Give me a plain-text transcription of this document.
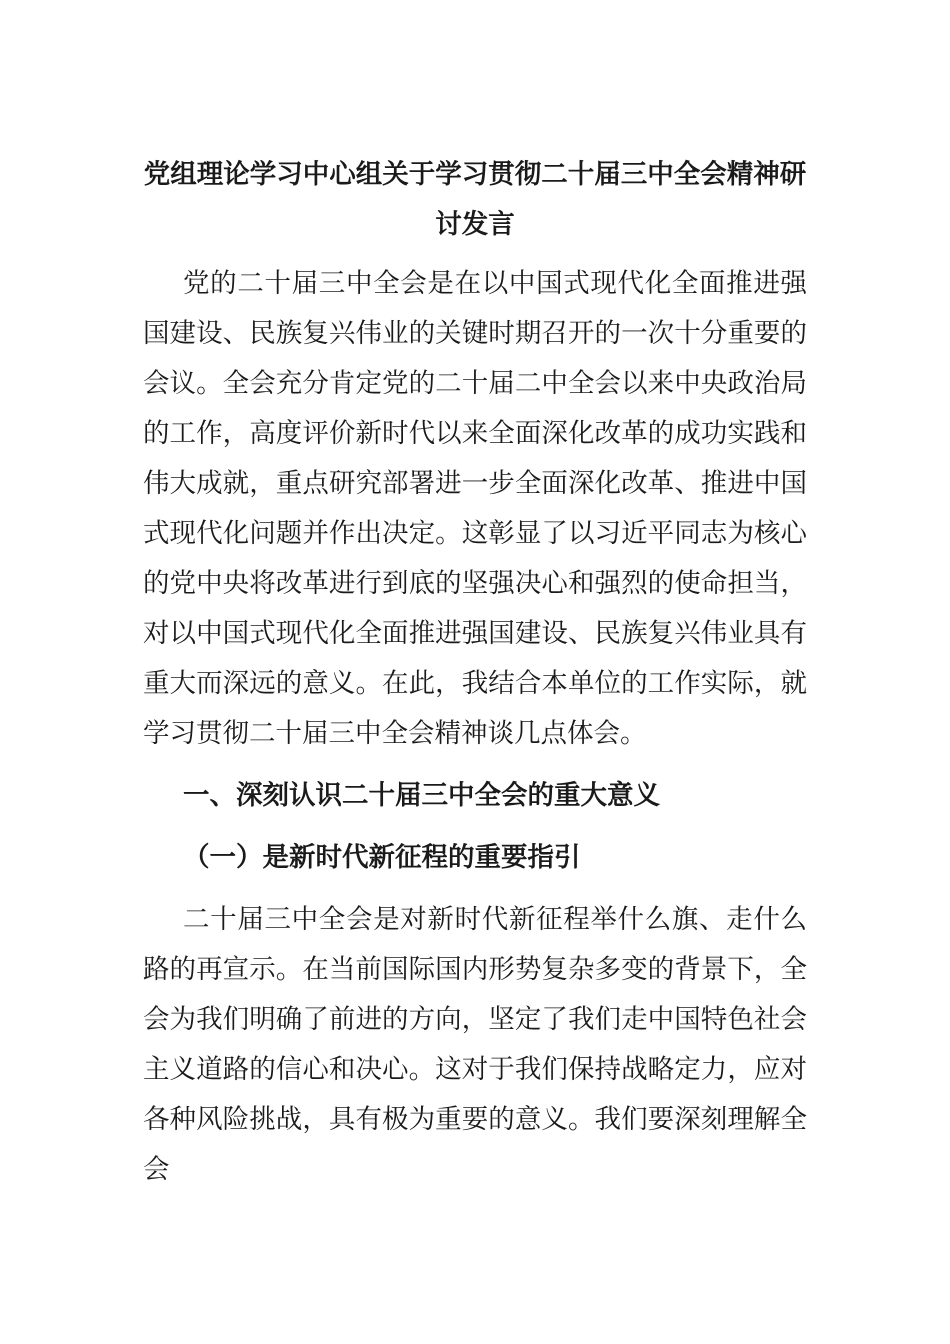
党组理论学习中心组关于学习贯彻二十届三中全会精神研讨发言

党的二十届三中全会是在以中国式现代化全面推进强国建设、民族复兴伟业的关键时期召开的一次十分重要的会议。全会充分肯定党的二十届二中全会以来中央政治局的工作，高度评价新时代以来全面深化改革的成功实践和伟大成就，重点研究部署进一步全面深化改革、推进中国式现代化问题并作出决定。这彰显了以习近平同志为核心的党中央将改革进行到底的坚强决心和强烈的使命担当，对以中国式现代化全面推进强国建设、民族复兴伟业具有重大而深远的意义。在此，我结合本单位的工作实际，就学习贯彻二十届三中全会精神谈几点体会。

一、深刻认识二十届三中全会的重大意义
（一）是新时代新征程的重要指引

二十届三中全会是对新时代新征程举什么旗、走什么路的再宣示。在当前国际国内形势复杂多变的背景下，全会为我们明确了前进的方向，坚定了我们走中国特色社会主义道路的信心和决心。这对于我们保持战略定力，应对各种风险挑战，具有极为重要的意义。我们要深刻理解全会
